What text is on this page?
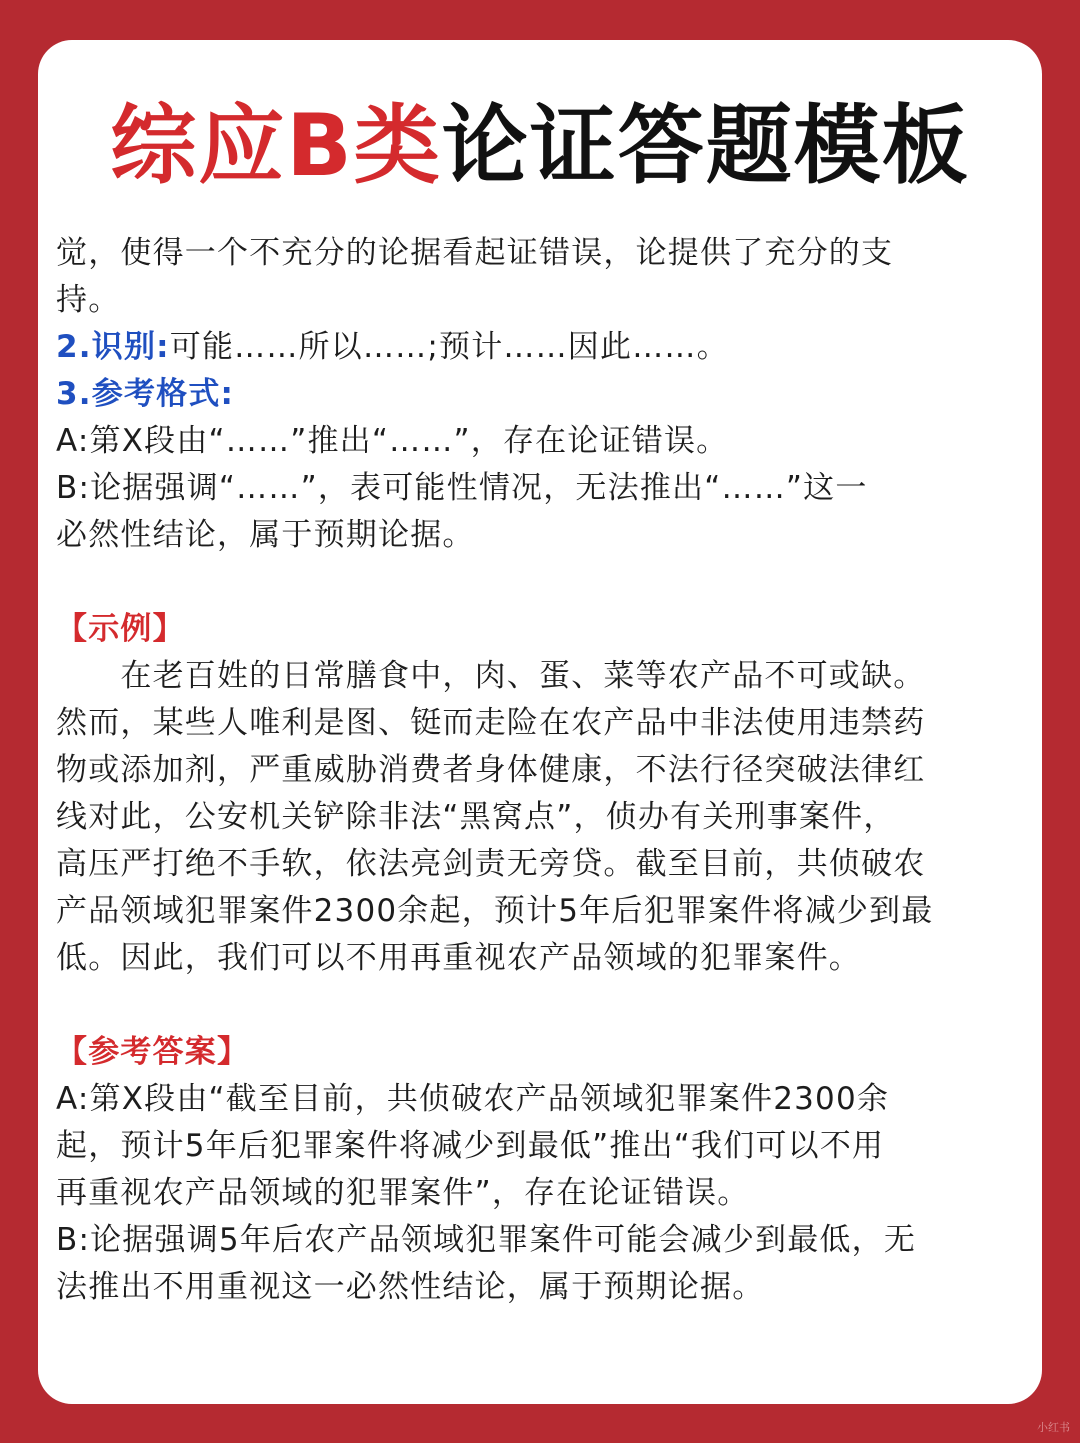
综应B类论证答题模板
觉，使得一个不充分的论据看起证错误，论提供了充分的支
持。
2.识别:可能……所以……;预计……因此……。
3.参考格式:
A:第X段由“……”推出“……”，存在论证错误。
B:论据强调“……”，表可能性情况，无法推出“……”这一
必然性结论，属于预期论据。
【示例】
　　在老百姓的日常膳食中，肉、蛋、菜等农产品不可或缺。
然而，某些人唯利是图、铤而走险在农产品中非法使用违禁药
物或添加剂，严重威胁消费者身体健康，不法行径突破法律红
线对此，公安机关铲除非法“黑窝点”，侦办有关刑事案件，
高压严打绝不手软，依法亮剑责无旁贷。截至目前，共侦破农
产品领域犯罪案件2300余起，预计5年后犯罪案件将减少到最
低。因此，我们可以不用再重视农产品领域的犯罪案件。
【参考答案】
A:第X段由“截至目前，共侦破农产品领域犯罪案件2300余
起，预计5年后犯罪案件将减少到最低”推出“我们可以不用
再重视农产品领域的犯罪案件”，存在论证错误。
B:论据强调5年后农产品领域犯罪案件可能会减少到最低，无
法推出不用重视这一必然性结论，属于预期论据。
小红书
